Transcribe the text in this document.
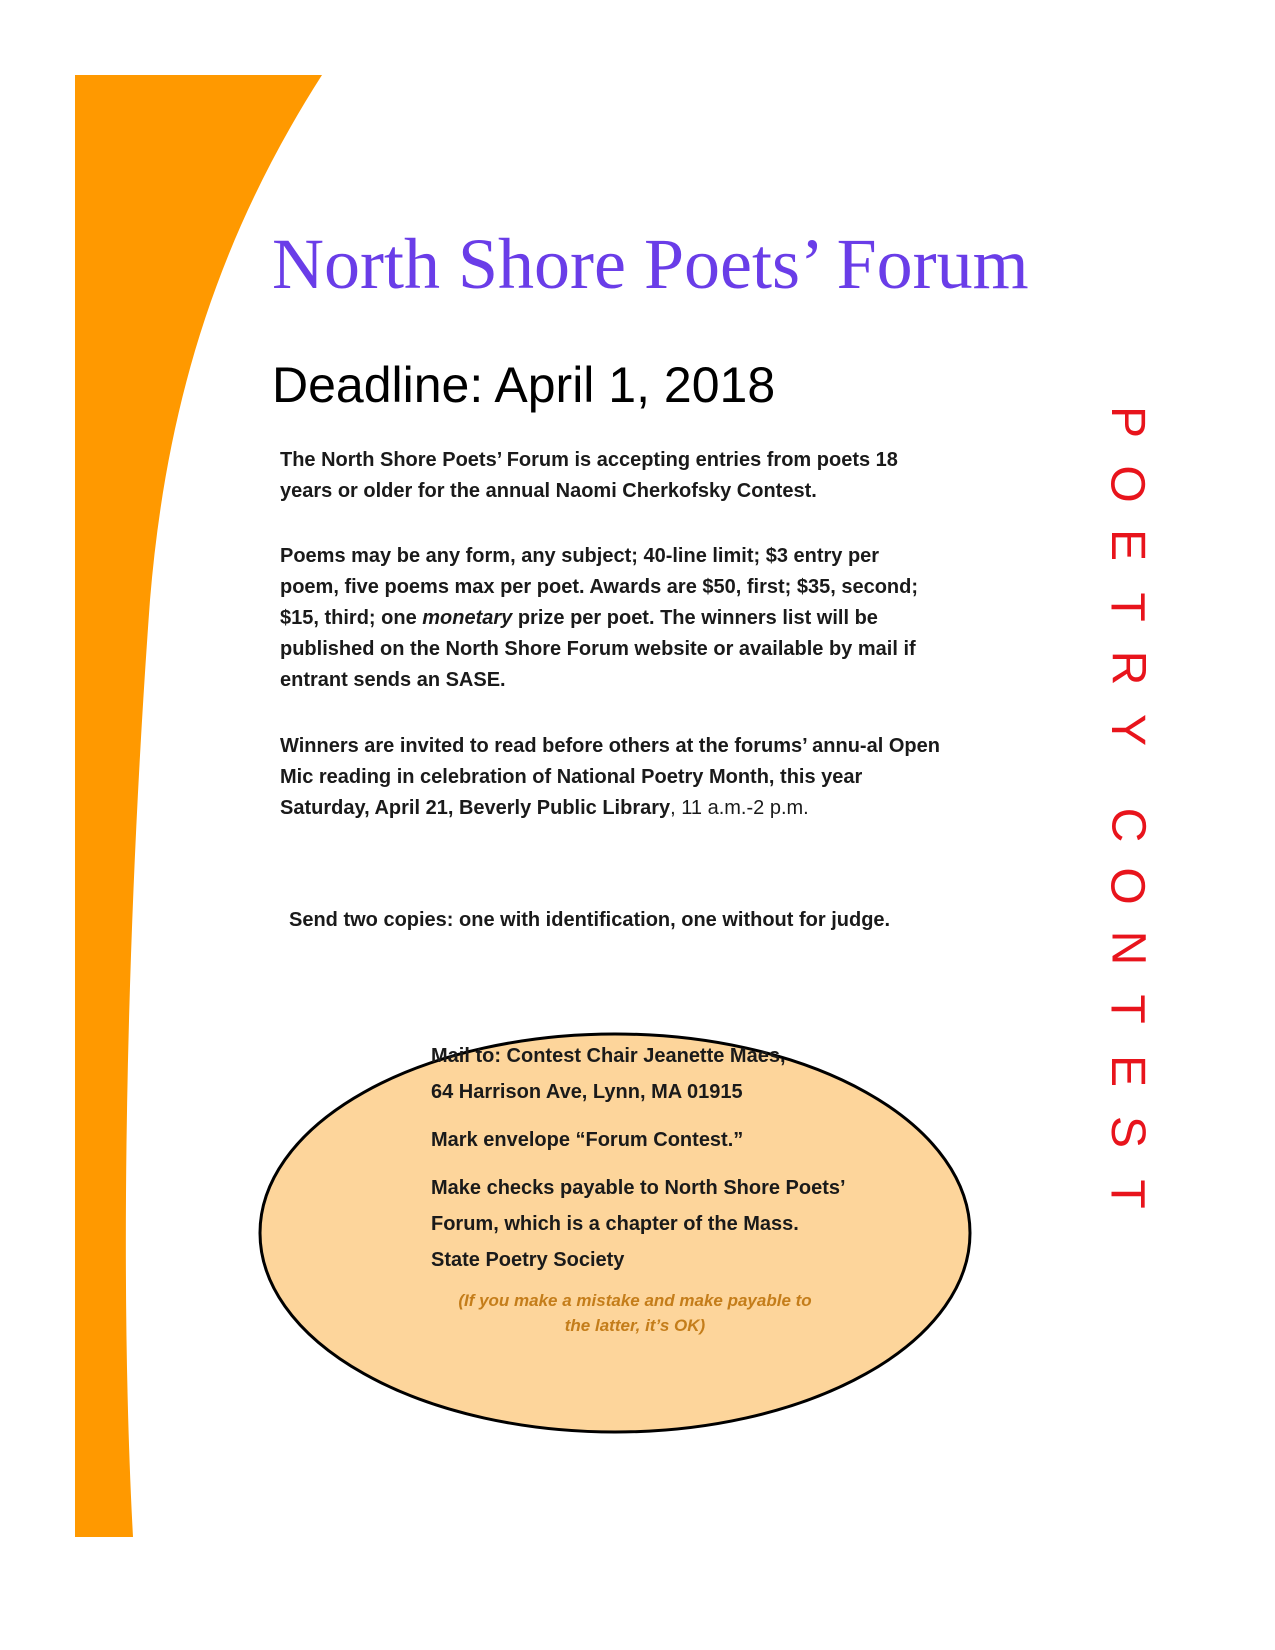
North Shore Poets’ Forum
Deadline: April 1, 2018

The North Shore Poets’ Forum is accepting entries from poets 18 years or older for the annual Naomi Cherkofsky Contest.

Poems may be any form, any subject; 40-line limit; $3 entry per poem, five poems max per poet. Awards are $50, first; $35, second; $15, third; one monetary prize per poet. The winners list will be published on the North Shore Forum website or available by mail if entrant sends an SASE.

Winners are invited to read before others at the forums’ annu-al Open Mic reading in celebration of National Poetry Month, this year Saturday, April 21, Beverly Public Library, 11 a.m.-2 p.m.

Send two copies: one with identification, one without for judge.

P
O
E
T
R
Y
C
O
N
T
E
S
T

Mail to: Contest Chair Jeanette Maes,
64 Harrison Ave, Lynn, MA 01915

Mark envelope “Forum Contest.”

Make checks payable to North Shore Poets’ Forum, which is a chapter of the Mass. State Poetry Society

(If you make a mistake and make payable to the latter, it’s OK)
